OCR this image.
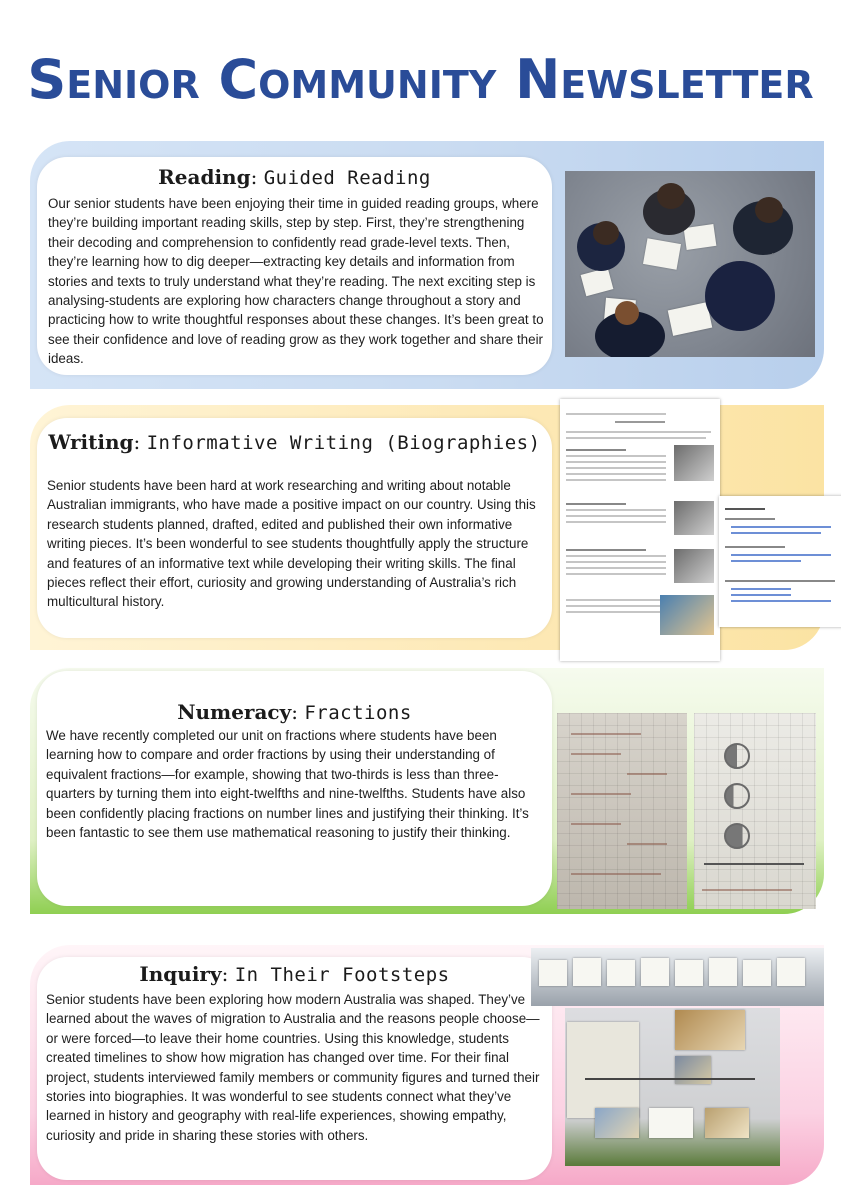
Senior Community Newsletter
Reading: Guided Reading
Our senior students have been enjoying their time in guided reading groups, where they’re building important reading skills, step by step. First, they’re strengthening their decoding and comprehension to confidently read grade-level texts. Then, they’re learning how to dig deeper—extracting key details and information from stories and texts to truly understand what they’re reading. The next exciting step is analysing-students are exploring how characters change throughout a story and practicing how to write thoughtful responses about these changes. It’s been great to see their confidence and love of reading grow as they work together and share their ideas.
Writing: Informative Writing (Biographies)
Senior students have been hard at work researching and writing about notable Australian immigrants, who have made a positive impact on our country. Using this research students planned, drafted, edited and published their own informative writing pieces. It’s been wonderful to see students thoughtfully apply the structure and features of an informative text while developing their writing skills. The final pieces reflect their effort, curiosity and growing understanding of Australia’s rich multicultural history.
Numeracy: Fractions
We have recently completed our unit on fractions where students have been learning how to compare and order fractions by using their understanding of equivalent fractions—for example, showing that two-thirds is less than three-quarters by turning them into eight-twelfths and nine-twelfths. Students have also been confidently placing fractions on number lines and justifying their thinking. It’s been fantastic to see them use mathematical reasoning to justify their thinking.
Inquiry: In Their Footsteps
Senior students have been exploring how modern Australia was shaped. They’ve learned about the waves of migration to Australia and the reasons people choose—or were forced—to leave their home countries. Using this knowledge, students created timelines to show how migration has changed over time. For their final project, students interviewed family members or community figures and turned their stories into biographies. It was wonderful to see students connect what they’ve learned in history and geography with real-life experiences, showing empathy, curiosity and pride in sharing these stories with others.
